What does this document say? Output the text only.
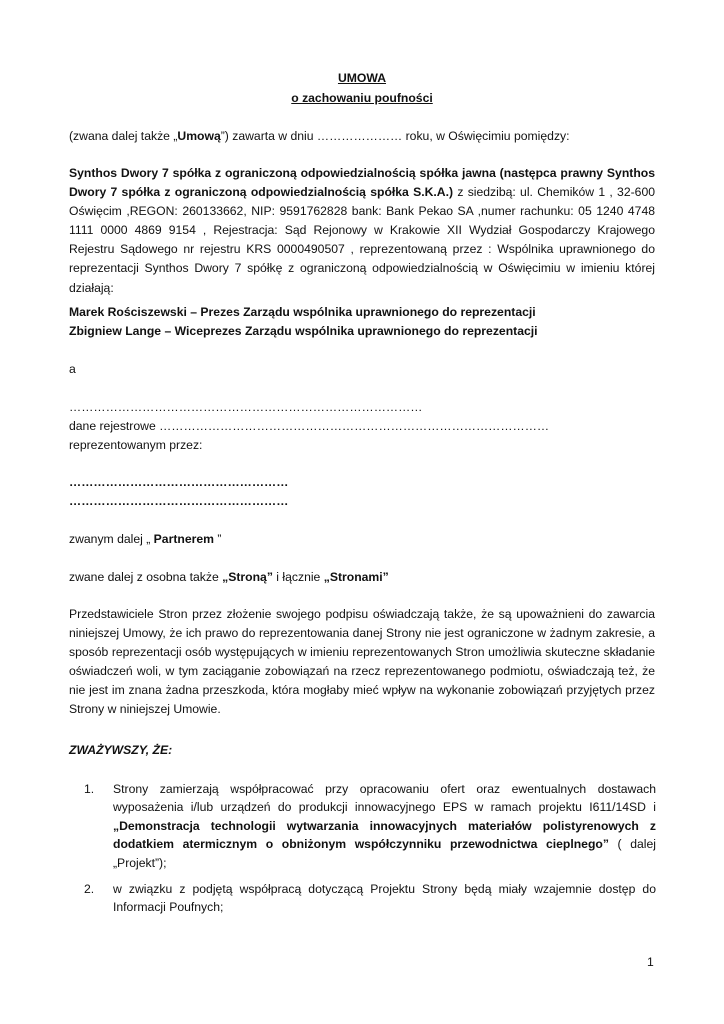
UMOWA
o zachowaniu poufności
(zwana dalej także „Umową”) zawarta w dniu ………………… roku, w Oświęcimiu pomiędzy:

Synthos Dwory 7 spółka z ograniczoną odpowiedzialnością spółka jawna (następca prawny Synthos Dwory 7 spółka z ograniczoną odpowiedzialnością spółka S.K.A.) z siedzibą: ul. Chemików 1 , 32-600 Oświęcim ,REGON: 260133662, NIP: 9591762828 bank: Bank Pekao SA ,numer rachunku: 05 1240 4748 1111 0000 4869 9154 , Rejestracja: Sąd Rejonowy w Krakowie XII Wydział Gospodarczy Krajowego Rejestru Sądowego nr rejestru KRS 0000490507 , reprezentowaną przez : Wspólnika uprawnionego do reprezentacji Synthos Dwory 7 spółkę z ograniczoną odpowiedzialnością w Oświęcimiu w imieniu której działają:

Marek Rościszewski – Prezes Zarządu wspólnika uprawnionego do reprezentacji
Zbigniew Lange – Wiceprezes Zarządu wspólnika uprawnionego do reprezentacji
a
……………………………………………………………………………
dane rejestrowe ……………………………………………………………………………………
reprezentowanym przez:
………………………………………………
………………………………………………
zwanym dalej „ Partnerem ”
zwane dalej z osobna także „Stroną” i łącznie „Stronami”

Przedstawiciele Stron przez złożenie swojego podpisu oświadczają także, że są upoważnieni do zawarcia niniejszej Umowy, że ich prawo do reprezentowania danej Strony nie jest ograniczone w żadnym zakresie, a sposób reprezentacji osób występujących w imieniu reprezentowanych Stron umożliwia skuteczne składanie oświadczeń woli, w tym zaciąganie zobowiązań na rzecz reprezentowanego podmiotu, oświadczają też, że nie jest im znana żadna przeszkoda, która mogłaby mieć wpływ na wykonanie zobowiązań przyjętych przez Strony w niniejszej Umowie.

ZWAŻYWSZY, ŻE:
1. Strony zamierzają współpracować przy opracowaniu ofert oraz ewentualnych dostawach wyposażenia i/lub urządzeń do produkcji innowacyjnego EPS w ramach projektu I611/14SD i „Demonstracja technologii wytwarzania innowacyjnych materiałów polistyrenowych z dodatkiem atermicznym o obniżonym współczynniku przewodnictwa cieplnego” ( dalej „Projekt”);
2. w związku z podjętą współpracą dotyczącą Projektu Strony będą miały wzajemnie dostęp do Informacji Poufnych;
1
